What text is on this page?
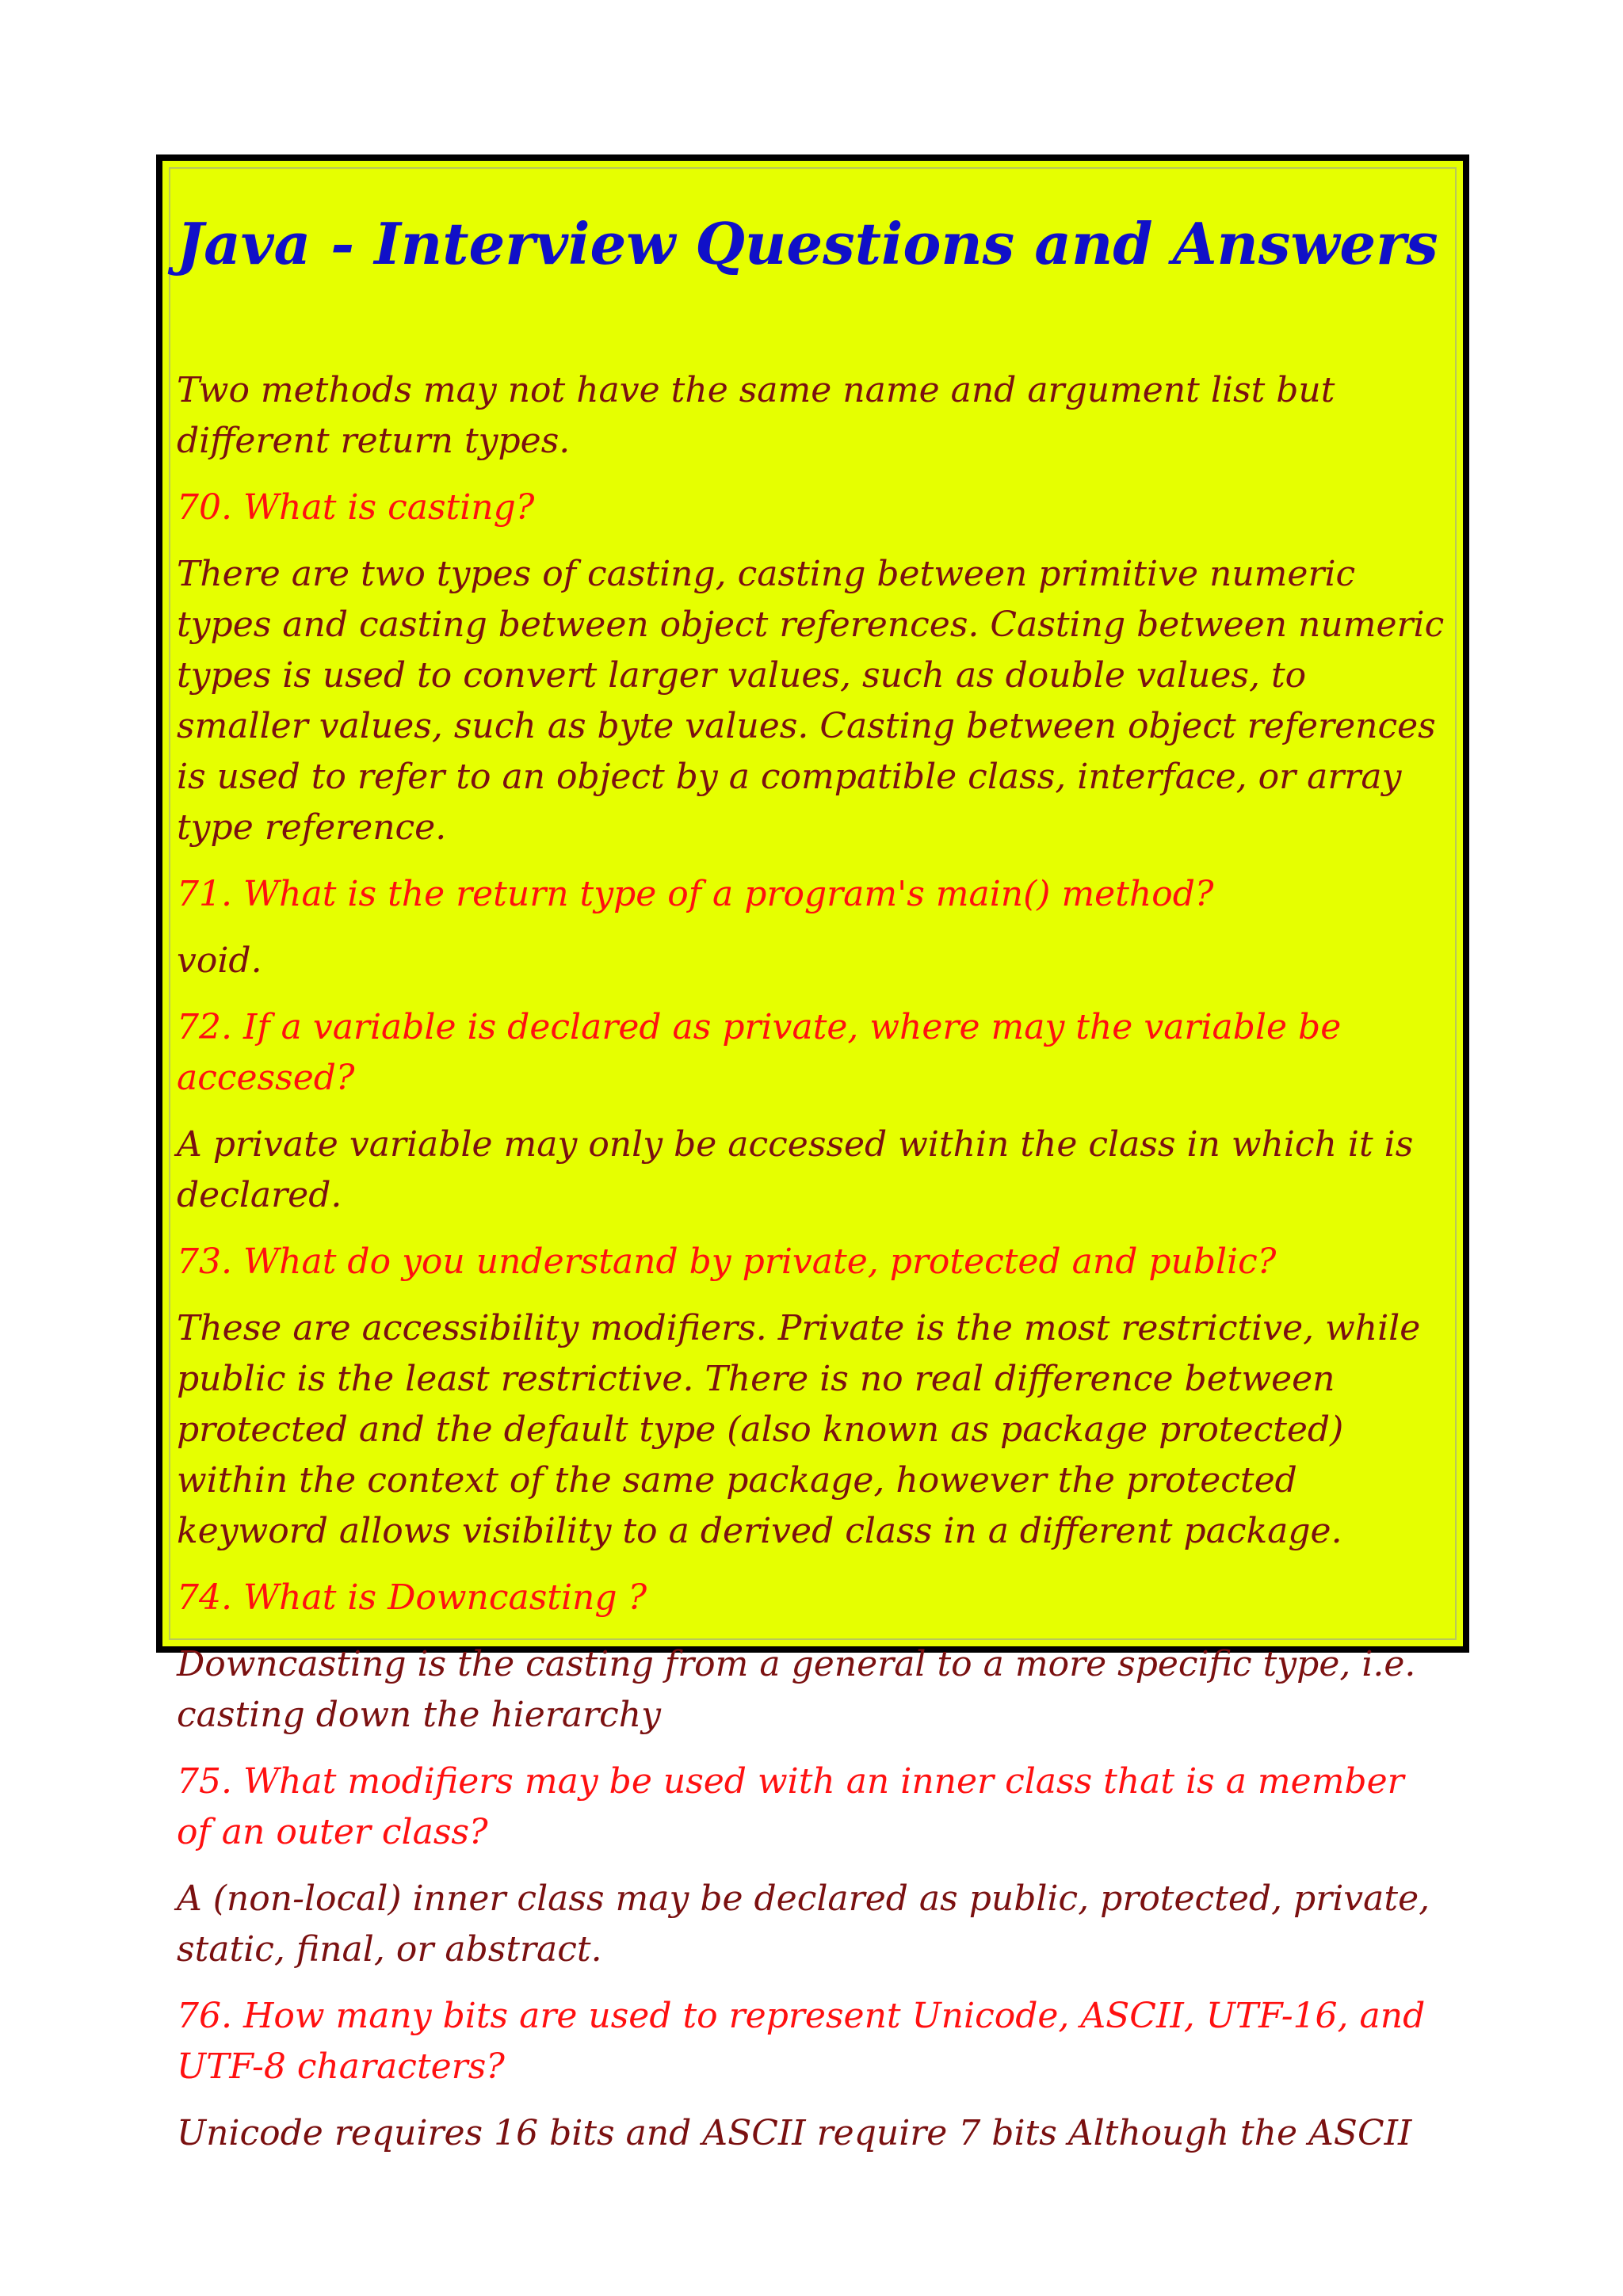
Java - Interview Questions and Answers

Two methods may not have the same name and argument list but different return types.

70. What is casting?

There are two types of casting, casting between primitive numeric types and casting between object references. Casting between numeric types is used to convert larger values, such as double values, to smaller values, such as byte values. Casting between object references is used to refer to an object by a compatible class, interface, or array type reference.

71. What is the return type of a program's main() method?

void.

72. If a variable is declared as private, where may the variable be accessed?

A private variable may only be accessed within the class in which it is declared.

73. What do you understand by private, protected and public?

These are accessibility modifiers. Private is the most restrictive, while public is the least restrictive. There is no real difference between protected and the default type (also known as package protected) within the context of the same package, however the protected keyword allows visibility to a derived class in a different package.

74. What is Downcasting ?

Downcasting is the casting from a general to a more specific type, i.e. casting down the hierarchy

75. What modifiers may be used with an inner class that is a member of an outer class?

A (non-local) inner class may be declared as public, protected, private, static, final, or abstract.

76. How many bits are used to represent Unicode, ASCII, UTF-16, and UTF-8 characters?

Unicode requires 16 bits and ASCII require 7 bits Although the ASCII
